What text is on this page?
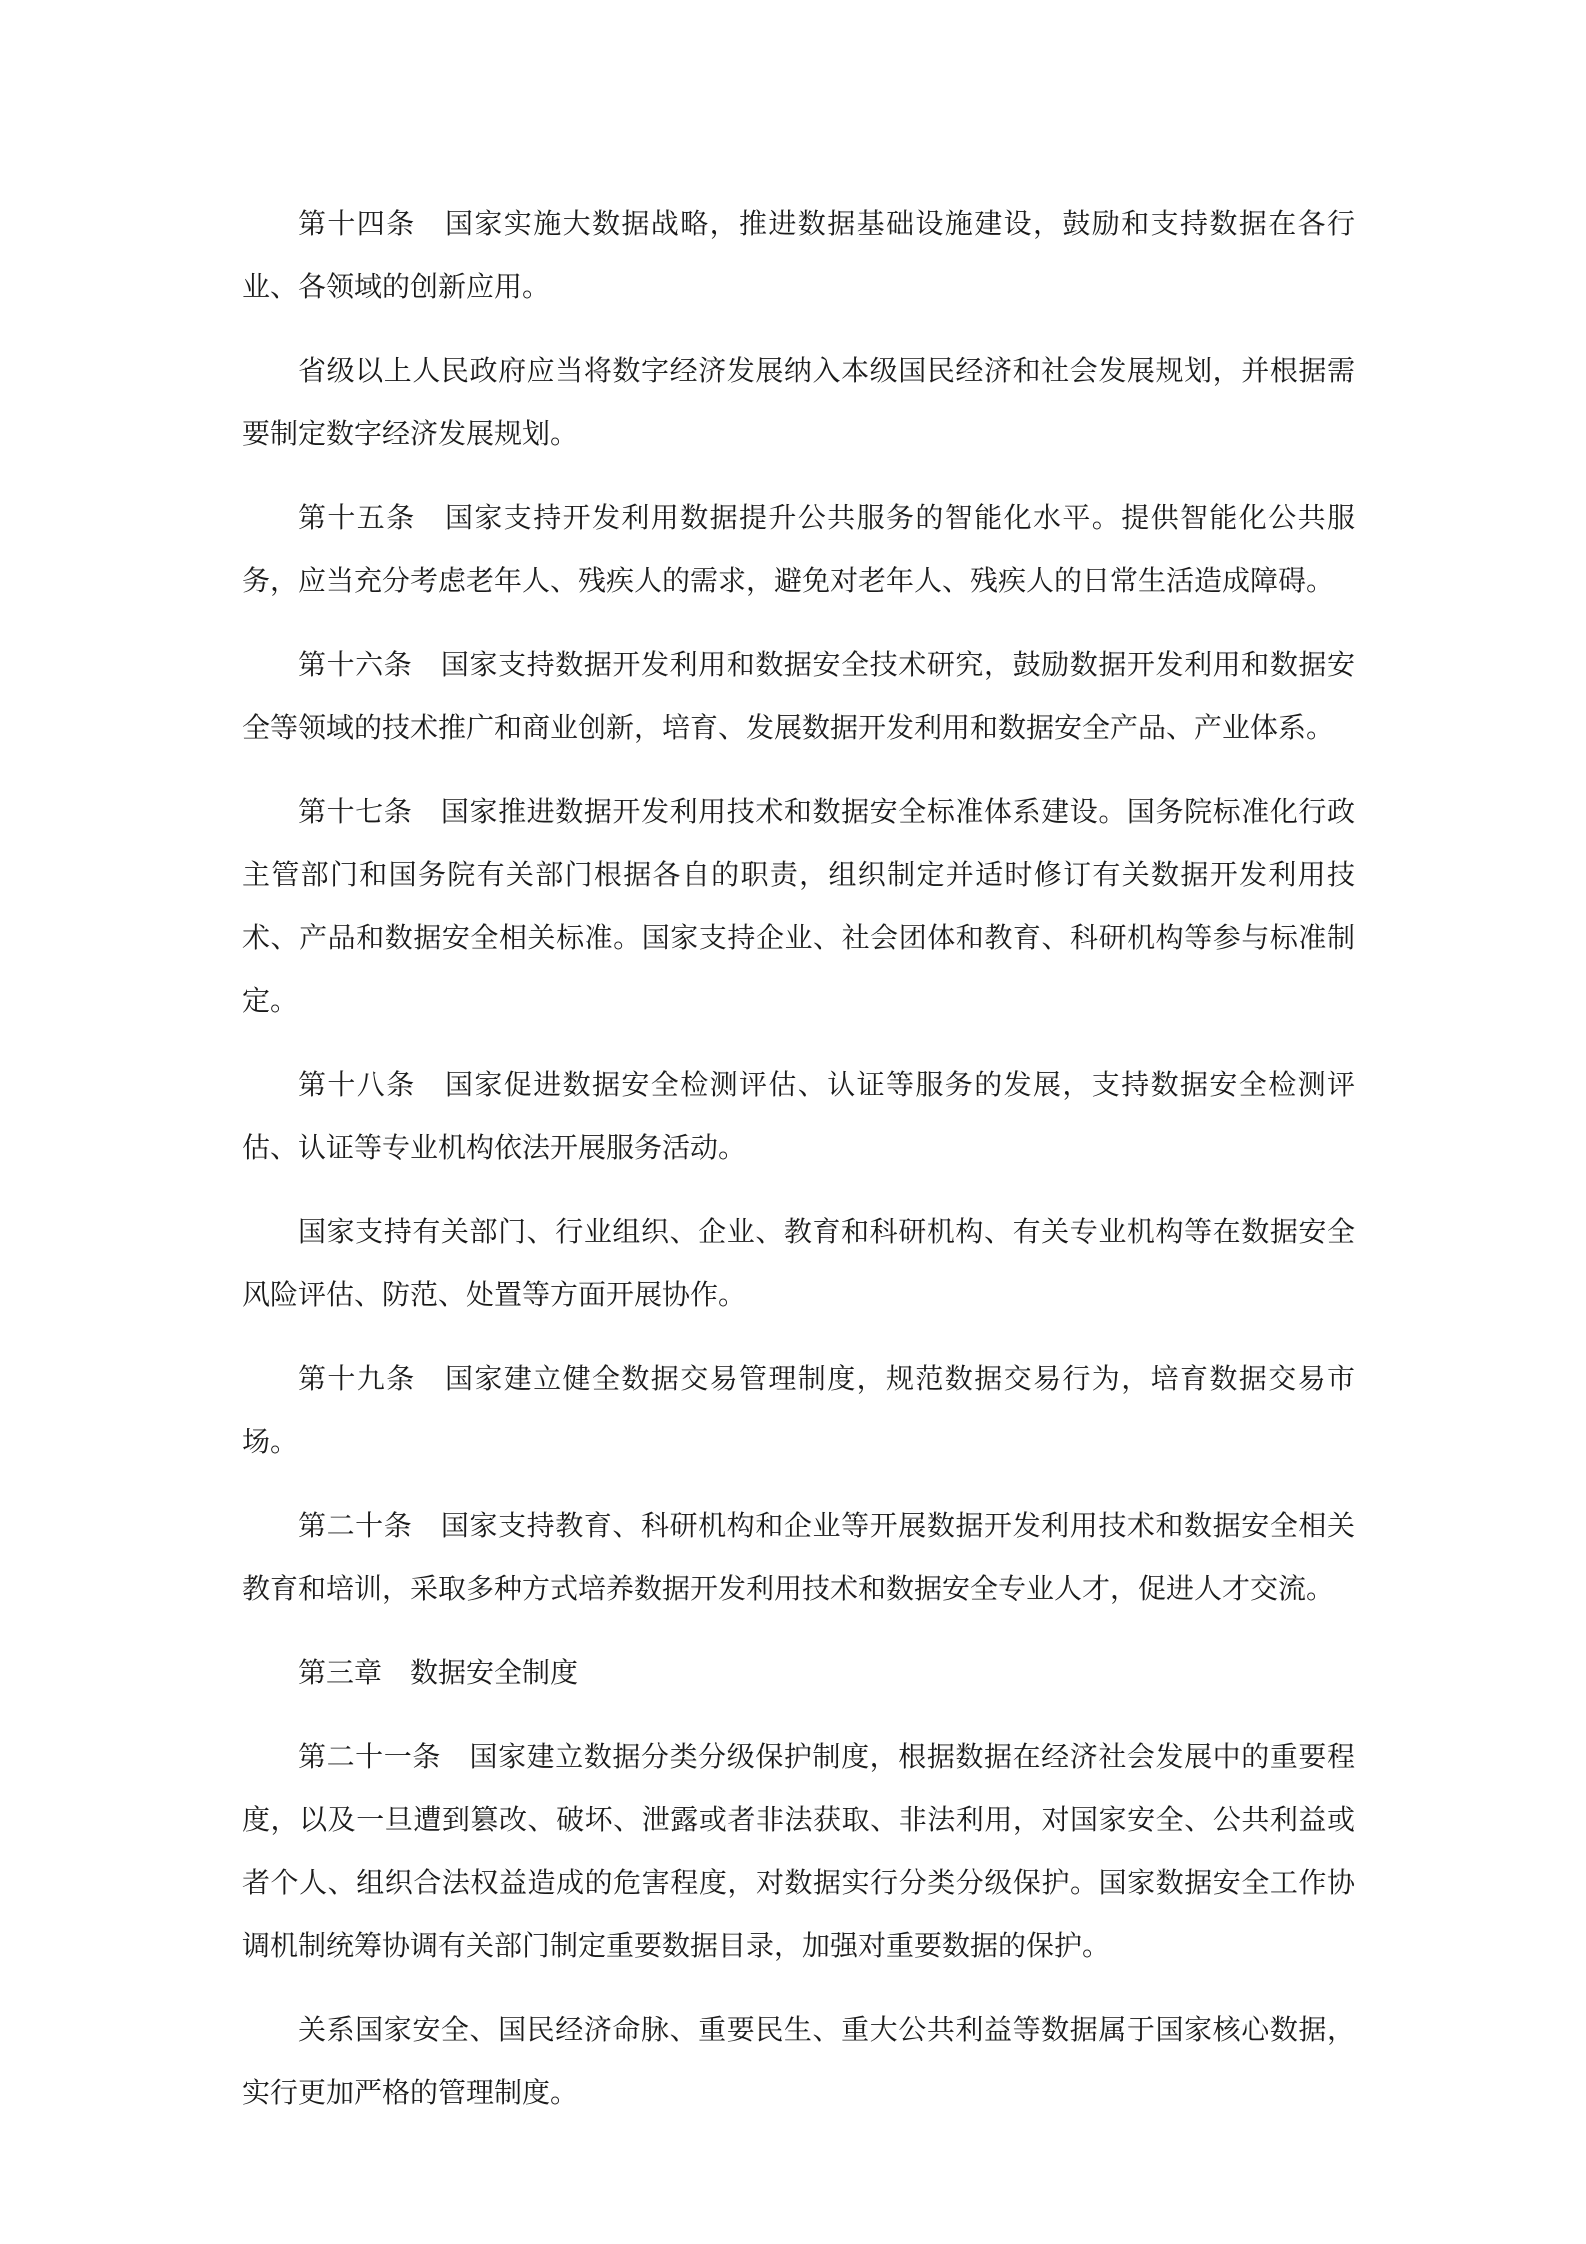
第十四条　国家实施大数据战略，推进数据基础设施建设，鼓励和支持数据在各行业、各领域的创新应用。

省级以上人民政府应当将数字经济发展纳入本级国民经济和社会发展规划，并根据需要制定数字经济发展规划。

第十五条　国家支持开发利用数据提升公共服务的智能化水平。提供智能化公共服务，应当充分考虑老年人、残疾人的需求，避免对老年人、残疾人的日常生活造成障碍。

第十六条　国家支持数据开发利用和数据安全技术研究，鼓励数据开发利用和数据安全等领域的技术推广和商业创新，培育、发展数据开发利用和数据安全产品、产业体系。

第十七条　国家推进数据开发利用技术和数据安全标准体系建设。国务院标准化行政主管部门和国务院有关部门根据各自的职责，组织制定并适时修订有关数据开发利用技术、产品和数据安全相关标准。国家支持企业、社会团体和教育、科研机构等参与标准制定。

第十八条　国家促进数据安全检测评估、认证等服务的发展，支持数据安全检测评估、认证等专业机构依法开展服务活动。

国家支持有关部门、行业组织、企业、教育和科研机构、有关专业机构等在数据安全风险评估、防范、处置等方面开展协作。

第十九条　国家建立健全数据交易管理制度，规范数据交易行为，培育数据交易市场。

第二十条　国家支持教育、科研机构和企业等开展数据开发利用技术和数据安全相关教育和培训，采取多种方式培养数据开发利用技术和数据安全专业人才，促进人才交流。

第三章　数据安全制度

第二十一条　国家建立数据分类分级保护制度，根据数据在经济社会发展中的重要程度，以及一旦遭到篡改、破坏、泄露或者非法获取、非法利用，对国家安全、公共利益或者个人、组织合法权益造成的危害程度，对数据实行分类分级保护。国家数据安全工作协调机制统筹协调有关部门制定重要数据目录，加强对重要数据的保护。

关系国家安全、国民经济命脉、重要民生、重大公共利益等数据属于国家核心数据，实行更加严格的管理制度。
